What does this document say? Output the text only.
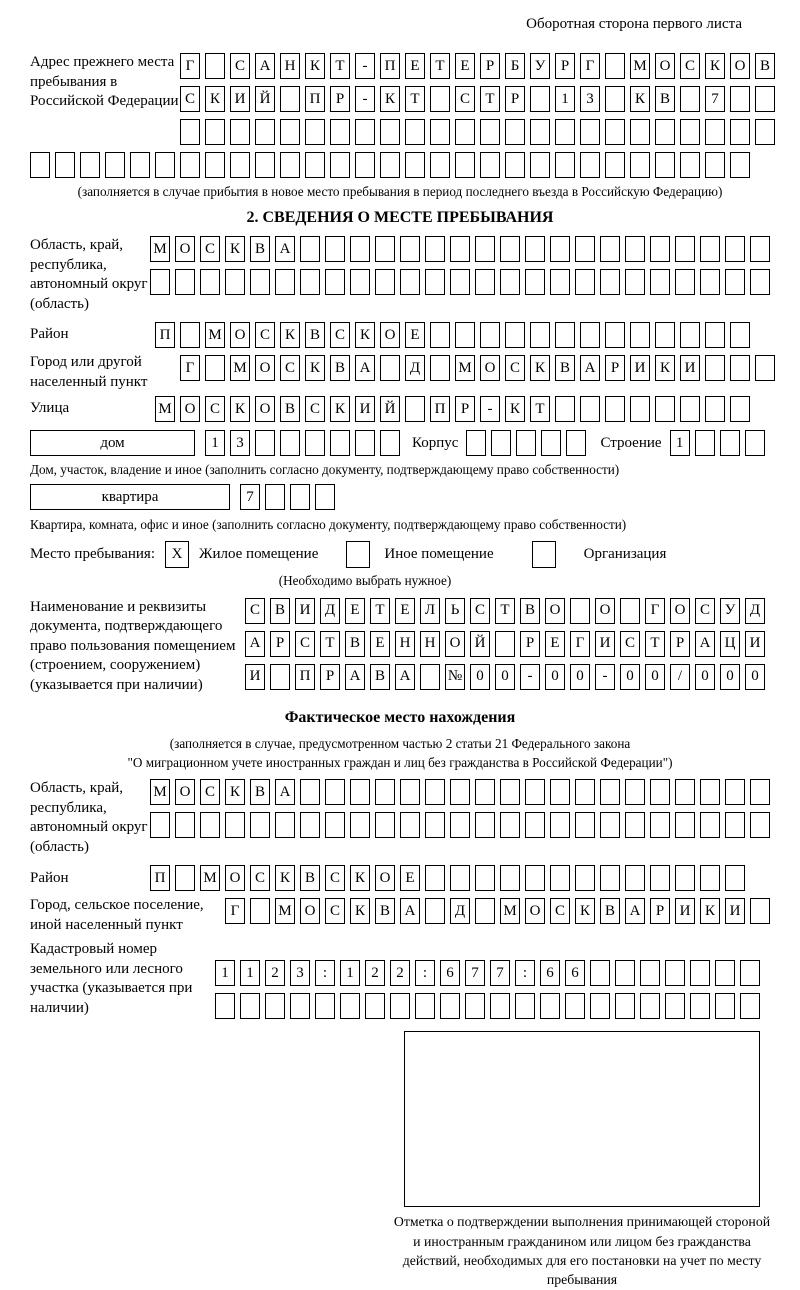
Оборотная сторона первого листа
Адрес прежнего места пребывания в Российской Федерации
Г	С А Н К	Т	-	П Е	Т	Е	Р	Б	У	Р	Г	М О С К О В
С К И Й	П	Р	-	К	Т	С	Т	Р	1	3	К В	7
(заполняется в случае прибытия в новое место пребывания в период последнего въезда в Российскую Федерацию)
2. СВЕДЕНИЯ О МЕСТЕ ПРЕБЫВАНИЯ
Область, край, республика, автономный округ (область)
М О С К В А
Район	П	М О С К В С К О Е
Город или другой населенный пункт
Г	М О С К В А	Д	М О С К В А	Р	И К И
Улица	М О С К О В С К И Й	П	Р	-	К	Т
дом	1	3	Корпус	Строение 1
Дом, участок, владение и иное (заполнить согласно документу, подтверждающему право собственности)
квартира	7
Квартира, комната, офис и иное (заполнить согласно документу, подтверждающему право собственности)
Место пребывания:	X	Жилое помещение	Иное помещение	Организация
(Необходимо выбрать нужное)
Наименование и реквизиты документа, подтверждающего право пользования помещением (строением, сооружением) (указывается при наличии)
С В И Д	Е	Т	Е	Л	Ь	С	Т	В О	О	Г	О С У Д
А	Р	С	Т	В	Е	Н Н О Й	Р	Е	Г	И С	Т	Р	А Ц И
И	П	Р	А В А	№ 0	0	-	0	0	-	0	0	/	0	0	0
Фактическое место нахождения
(заполняется в случае, предусмотренном частью 2 статьи 21 Федерального закона
"О миграционном учете иностранных граждан и лиц без гражданства в Российской Федерации")
Область, край, республика, автономный округ (область)
М О С К В А
Район	П	М О С К В С К О Е
Город, сельское поселение, иной населенный пункт
Г	М О С К В А	Д	М О С К В А	Р	И К И
Кадастровый номер земельного или лесного участка (указывается при наличии)
1	1	2	3	:	1	2	2	:	6	7	7	:	6	6
Отметка о подтверждении выполнения принимающей стороной и иностранным гражданином или лицом без гражданства действий, необходимых для его постановки на учет по месту пребывания
